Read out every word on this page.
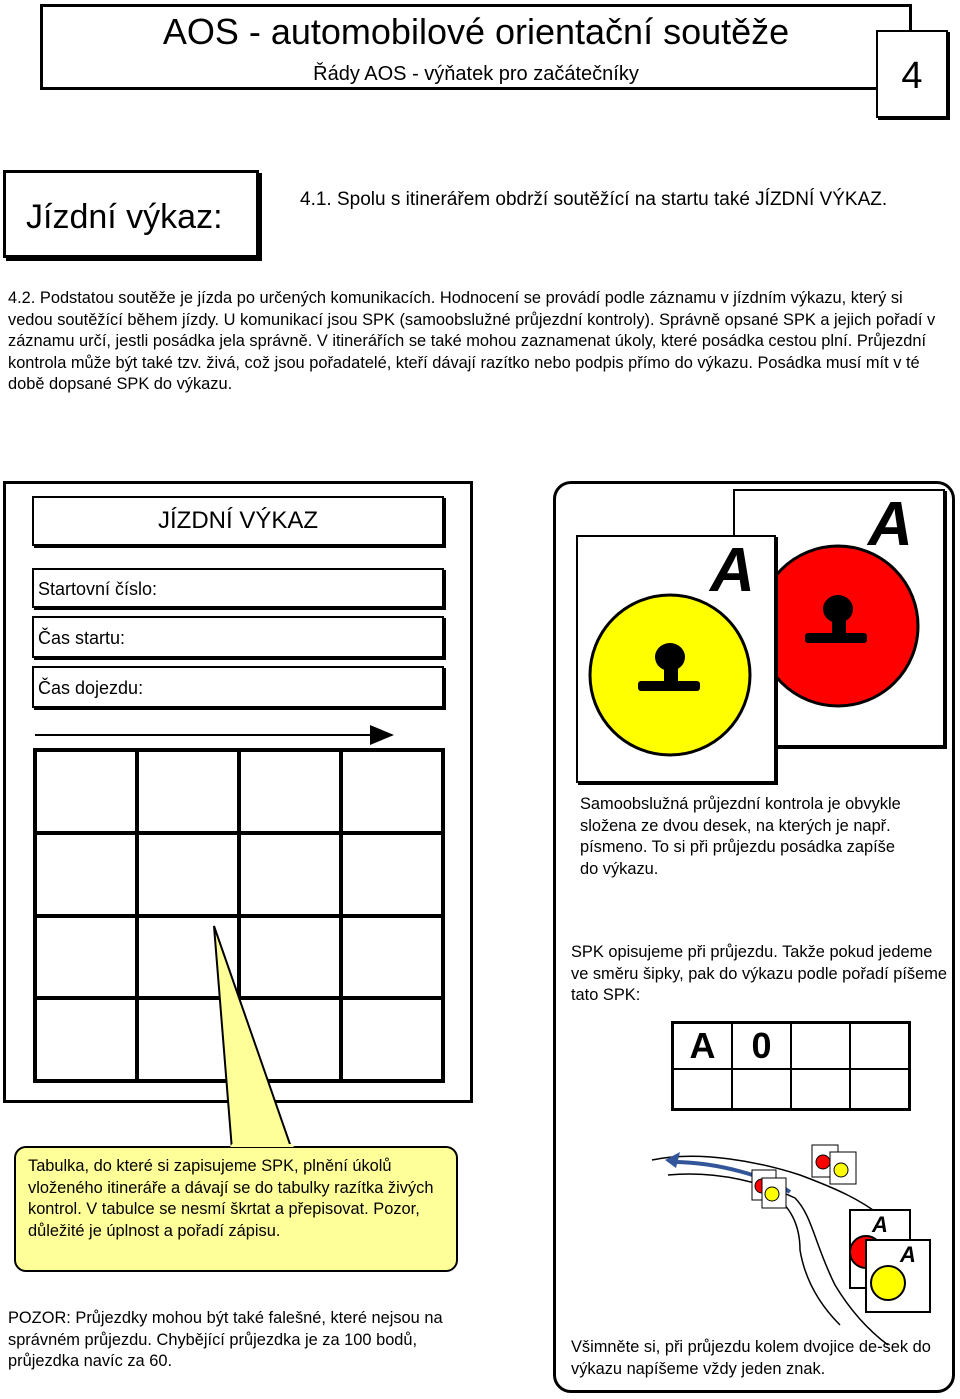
AOS - automobilové orientační soutěže
Řády AOS - výňatek pro začátečníky	4
Jízdní výkaz:	4.1. Spolu s itinerářem obdrží soutěžící na startu také JÍZDNÍ VÝKAZ.
4.2. Podstatou soutěže je jízda po určených komunikacích. Hodnocení se provádí podle záznamu v jízdním výkazu, který si vedou soutěžící během jízdy. U komunikací jsou SPK (samoobslužné průjezdní kontroly). Správně opsané SPK a jejich pořadí v záznamu určí, jestli posádka jela správně. V itinerářích se také mohou zaznamenat úkoly, které posádka cestou plní. Průjezdní kontrola může být také tzv. živá, což jsou pořadatelé, kteří dávají razítko nebo podpis přímo do výkazu. Posádka musí mít v té době dopsané SPK do výkazu.
JÍZDNÍ VÝKAZ
Startovní číslo:
Čas startu:
Čas dojezdu:
Tabulka, do které si zapisujeme SPK, plnění úkolů vloženého itineráře a dávají se do tabulky razítka živých kontrol. V tabulce se nesmí škrtat a přepisovat. Pozor, důležité je úplnost a pořadí zápisu.
POZOR: Průjezdky mohou být také falešné, které nejsou na správném průjezdu. Chybějící průjezdka je za 100 bodů, průjezdka navíc za 60.
A
A
Samoobslužná průjezdní kontrola je obvykle složena ze dvou desek, na kterých je např. písmeno. To si při průjezdu posádka zapíše do výkazu.
SPK opisujeme při průjezdu. Takže pokud jedeme ve směru šipky, pak do výkazu podle pořadí píšeme tato SPK:
A 0
A
A
Všimněte si, při průjezdu kolem dvojice de-sek do výkazu napíšeme vždy jeden znak.
